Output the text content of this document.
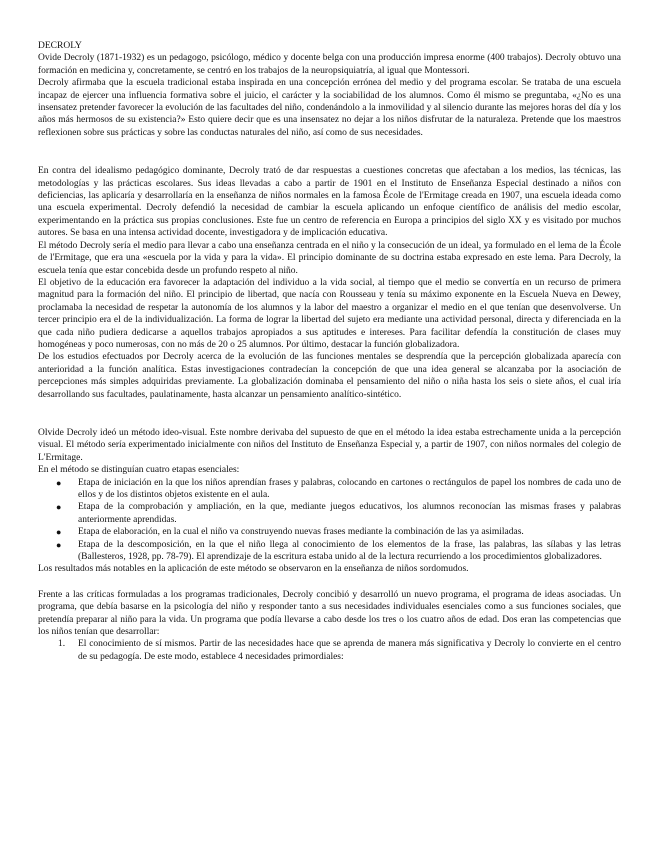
DECROLY

Ovide Decroly (1871-1932) es un pedagogo, psicólogo, médico y docente belga con una producción impresa enorme (400 trabajos). Decroly obtuvo una formación en medicina y, concretamente, se centró en los trabajos de la neuropsiquiatría, al igual que Montessori.

Decroly afirmaba que la escuela tradicional estaba inspirada en una concepción errónea del medio y del programa escolar. Se trataba de una escuela incapaz de ejercer una influencia formativa sobre el juicio, el carácter y la sociabilidad de los alumnos. Como él mismo se preguntaba, «¿No es una insensatez pretender favorecer la evolución de las facultades del niño, condenándolo a la inmovilidad y al silencio durante las mejores horas del día y los años más hermosos de su existencia?» Esto quiere decir que es una insensatez no dejar a los niños disfrutar de la naturaleza. Pretende que los maestros reflexionen sobre sus prácticas y sobre las conductas naturales del niño, así como de sus necesidades.

En contra del idealismo pedagógico dominante, Decroly trató de dar respuestas a cuestiones concretas que afectaban a los medios, las técnicas, las metodologías y las prácticas escolares. Sus ideas llevadas a cabo a partir de 1901 en el Instituto de Enseñanza Especial destinado a niños con deficiencias, las aplicaría y desarrollaría en la enseñanza de niños normales en la famosa École de l'Ermitage creada en 1907, una escuela ideada como una escuela experimental. Decroly defendió la necesidad de cambiar la escuela aplicando un enfoque científico de análisis del medio escolar, experimentando en la práctica sus propias conclusiones. Este fue un centro de referencia en Europa a principios del siglo XX y es visitado por muchos autores. Se basa en una intensa actividad docente, investigadora y de implicación educativa.

El método Decroly sería el medio para llevar a cabo una enseñanza centrada en el niño y la consecución de un ideal, ya formulado en el lema de la École de l'Ermitage, que era una «escuela por la vida y para la vida». El principio dominante de su doctrina estaba expresado en este lema. Para Decroly, la escuela tenía que estar concebida desde un profundo respeto al niño.

El objetivo de la educación era favorecer la adaptación del individuo a la vida social, al tiempo que el medio se convertía en un recurso de primera magnitud para la formación del niño. El principio de libertad, que nacía con Rousseau y tenía su máximo exponente en la Escuela Nueva en Dewey, proclamaba la necesidad de respetar la autonomía de los alumnos y la labor del maestro a organizar el medio en el que tenían que desenvolverse. Un tercer principio era el de la individualización. La forma de lograr la libertad del sujeto era mediante una actividad personal, directa y diferenciada en la que cada niño pudiera dedicarse a aquellos trabajos apropiados a sus aptitudes e intereses. Para facilitar defendía la constitución de clases muy homogéneas y poco numerosas, con no más de 20 o 25 alumnos. Por último, destacar la función globalizadora.

De los estudios efectuados por Decroly acerca de la evolución de las funciones mentales se desprendía que la percepción globalizada aparecía con anterioridad a la función analítica. Estas investigaciones contradecían la concepción de que una idea general se alcanzaba por la asociación de percepciones más simples adquiridas previamente. La globalización dominaba el pensamiento del niño o niña hasta los seis o siete años, el cual iría desarrollando sus facultades, paulatinamente, hasta alcanzar un pensamiento analítico-sintético.

Olvide Decroly ideó un método ideo-visual. Este nombre derivaba del supuesto de que en el método la idea estaba estrechamente unida a la percepción visual. El método sería experimentado inicialmente con niños del Instituto de Enseñanza Especial y, a partir de 1907, con niños normales del colegio de L'Ermitage.

En el método se distinguían cuatro etapas esenciales:

● Etapa de iniciación en la que los niños aprendían frases y palabras, colocando en cartones o rectángulos de papel los nombres de cada uno de ellos y de los distintos objetos existente en el aula.
● Etapa de la comprobación y ampliación, en la que, mediante juegos educativos, los alumnos reconocían las mismas frases y palabras anteriormente aprendidas.
● Etapa de elaboración, en la cual el niño va construyendo nuevas frases mediante la combinación de las ya asimiladas.
● Etapa de la descomposición, en la que el niño llega al conocimiento de los elementos de la frase, las palabras, las sílabas y las letras (Ballesteros, 1928, pp. 78-79). El aprendizaje de la escritura estaba unido al de la lectura recurriendo a los procedimientos globalizadores.

Los resultados más notables en la aplicación de este método se observaron en la enseñanza de niños sordomudos.

Frente a las críticas formuladas a los programas tradicionales, Decroly concibió y desarrolló un nuevo programa, el programa de ideas asociadas. Un programa, que debía basarse en la psicología del niño y responder tanto a sus necesidades individuales esenciales como a sus funciones sociales, que pretendía preparar al niño para la vida. Un programa que podía llevarse a cabo desde los tres o los cuatro años de edad. Dos eran las competencias que los niños tenían que desarrollar:

1. El conocimiento de sí mismos. Partir de las necesidades hace que se aprenda de manera más significativa y Decroly lo convierte en el centro de su pedagogía. De este modo, establece 4 necesidades primordiales:
